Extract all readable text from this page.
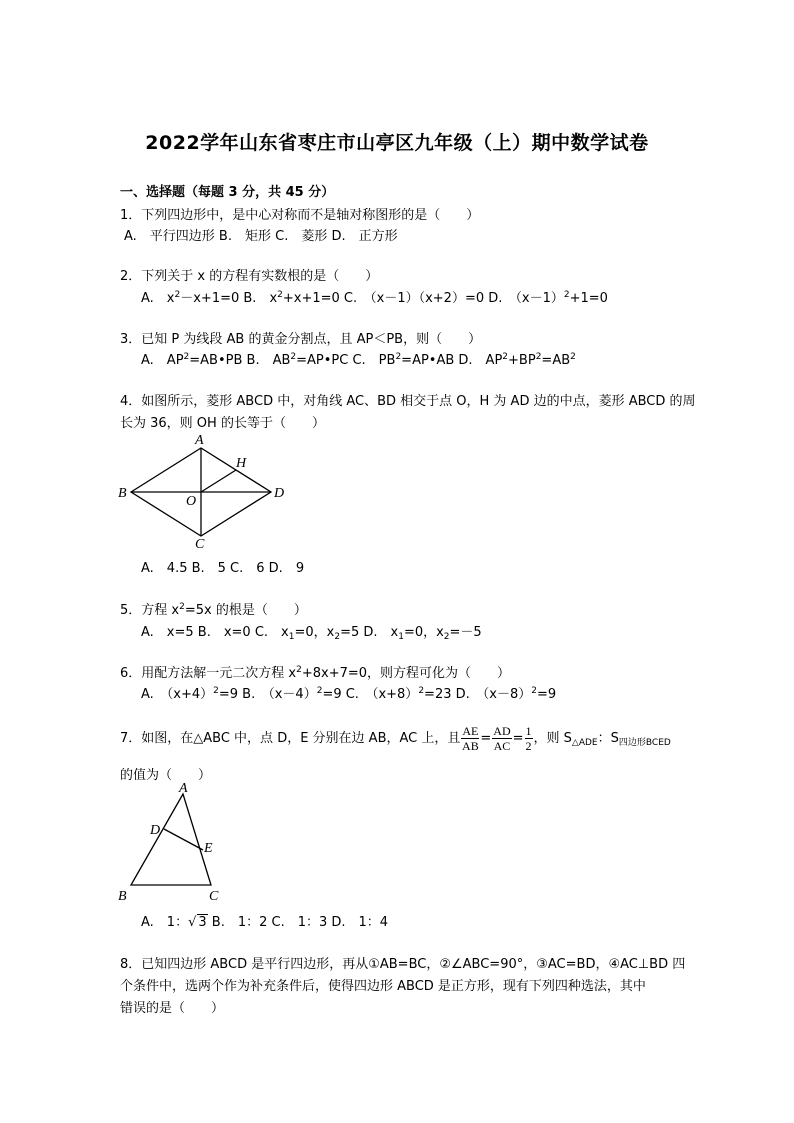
2022学年山东省枣庄市山亭区九年级（上）期中数学试卷
一、选择题（每题 3 分，共 45 分）
1．下列四边形中，是中心对称而不是轴对称图形的是（　　）
A.　平行四边形 B.　矩形 C.　菱形 D.　正方形
2．下列关于 x 的方程有实数根的是（　　）
A.　$x^2-x+1=0$ B.　$x^2+x+1=0$ C.　（x－1）（x+2）=0 D.　$(x-1)^2+1=0$
3．已知 P 为线段 AB 的黄金分割点，且 AP＜PB，则（　　）
A.　$AP^2=AB•PB$ B.　$AB^2=AP•PC$ C.　$PB^2=AP•AB$ D.　$AP^2+BP^2=AB^2$
4．如图所示，菱形 ABCD 中，对角线 AC、BD 相交于点 O，H 为 AD 边的中点，菱形 ABCD 的周
长为 36，则 OH 的长等于（　　）
A
B
C
D
O
H
A.　4.5 B.　5 C.　6 D.　9
5．方程 $x^2=5x$ 的根是（　　）
A.　x=5 B.　x=0 C.　$x_1=0$，$x_2=5$ D.　$x_1=0$，$x_2=-5$
6．用配方法解一元二次方程 $x^2+8x+7=0$，则方程可化为（　　）
A.　$(x+4)^2=9$ B.　$(x-4)^2=9$ C.　$(x+8)^2=23$ D.　$(x-8)^2=9$
7．如图，在△ABC 中，点 D，E 分别在边 AB，AC 上，且 $\frac{AE}{AB} = \frac{AD}{AC} = \frac{1}{2}$ ，则 $S_{\triangle ADE}$：$S_{四边形BCED}$
的值为（　　）
A
D
E
B	C
A.　1：√ 3 B.　1：2 C.　1：3 D.　1：4
8．已知四边形 ABCD 是平行四边形，再从①AB=BC，②∠ABC=90°，③AC=BD，④AC⊥BD 四
个条件中，选两个作为补充条件后，使得四边形 ABCD 是正方形，现有下列四种选法，其中
错误的是（　　）
